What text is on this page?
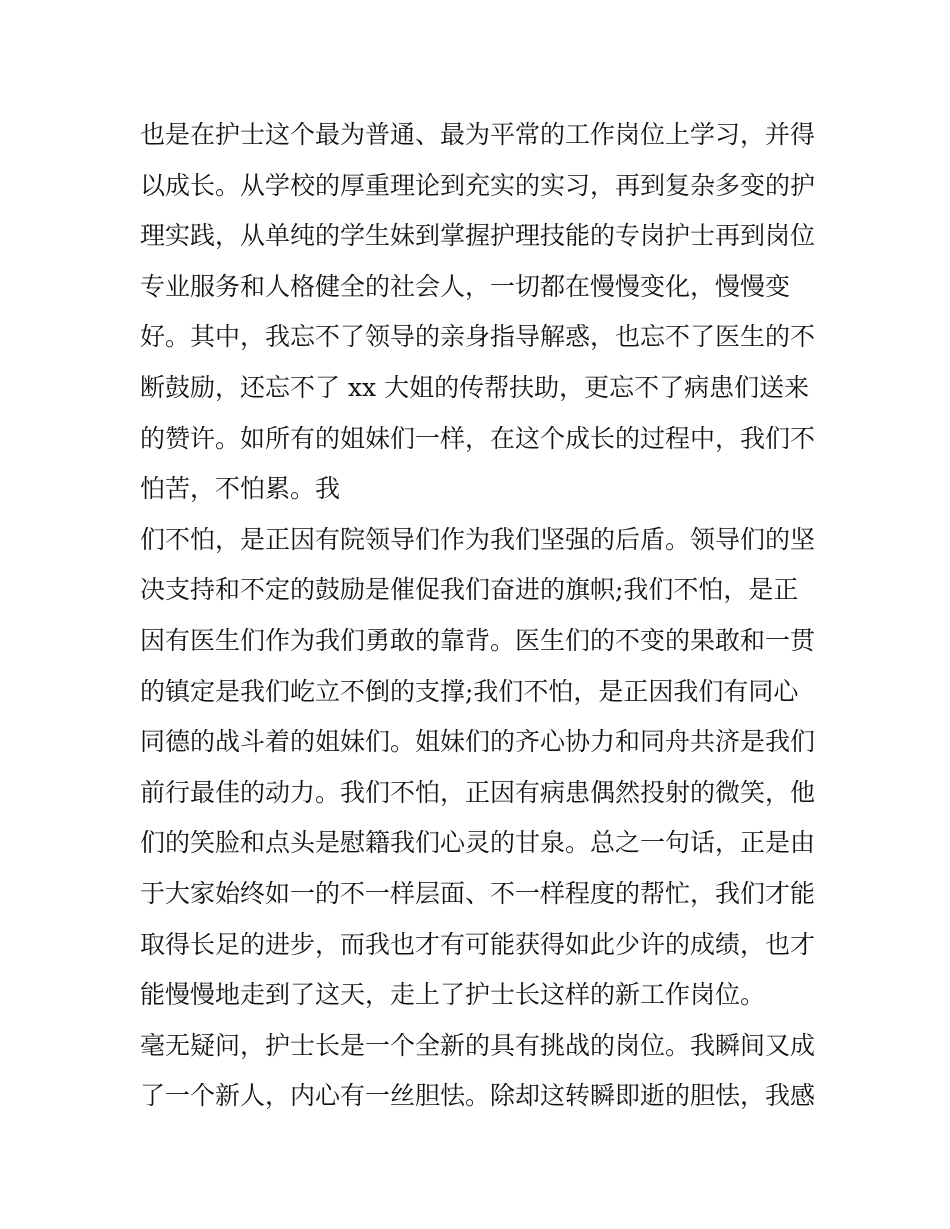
也是在护士这个最为普通、最为平常的工作岗位上学习，并得
以成长。从学校的厚重理论到充实的实习，再到复杂多变的护
理实践，从单纯的学生妹到掌握护理技能的专岗护士再到岗位
专业服务和人格健全的社会人，一切都在慢慢变化，慢慢变
好。其中，我忘不了领导的亲身指导解惑，也忘不了医生的不
断鼓励，还忘不了 xx 大姐的传帮扶助，更忘不了病患们送来
的赞许。如所有的姐妹们一样，在这个成长的过程中，我们不
怕苦，不怕累。我
们不怕，是正因有院领导们作为我们坚强的后盾。领导们的坚
决支持和不定的鼓励是催促我们奋进的旗帜;我们不怕，是正
因有医生们作为我们勇敢的靠背。医生们的不变的果敢和一贯
的镇定是我们屹立不倒的支撑;我们不怕，是正因我们有同心
同德的战斗着的姐妹们。姐妹们的齐心协力和同舟共济是我们
前行最佳的动力。我们不怕，正因有病患偶然投射的微笑，他
们的笑脸和点头是慰籍我们心灵的甘泉。总之一句话，正是由
于大家始终如一的不一样层面、不一样程度的帮忙，我们才能
取得长足的进步，而我也才有可能获得如此少许的成绩，也才
能慢慢地走到了这天，走上了护士长这样的新工作岗位。
毫无疑问，护士长是一个全新的具有挑战的岗位。我瞬间又成
了一个新人，内心有一丝胆怯。除却这转瞬即逝的胆怯，我感
